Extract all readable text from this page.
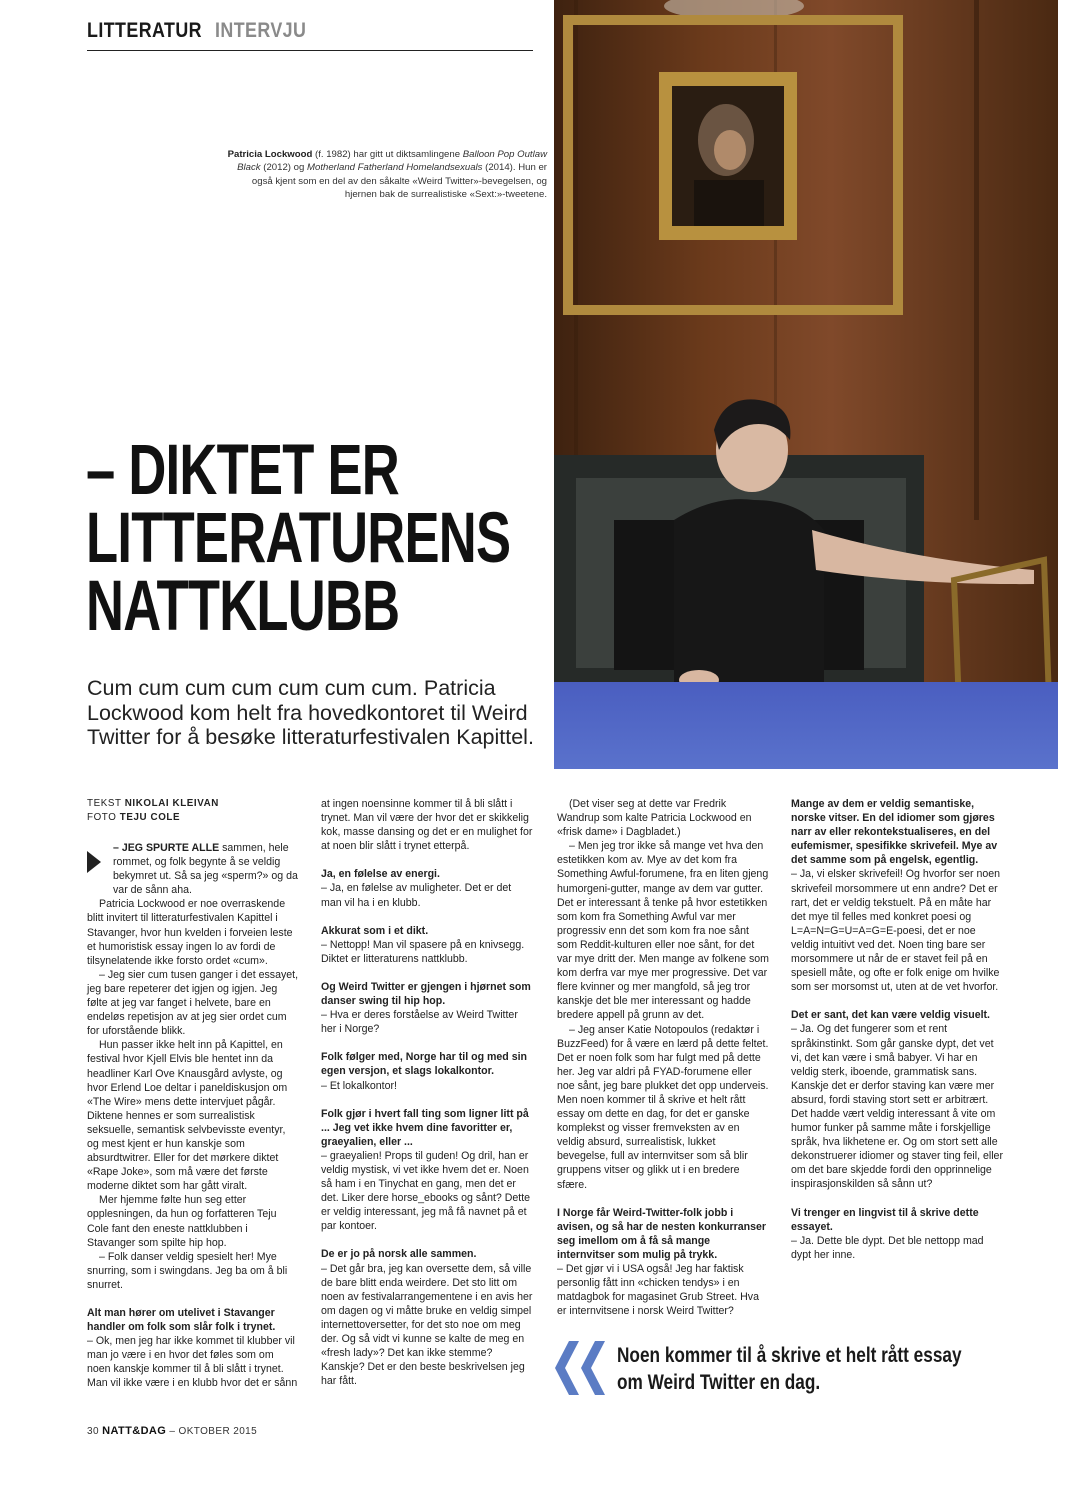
LITTERATUR INTERVJU
Patricia Lockwood (f. 1982) har gitt ut diktsamlingene Balloon Pop Outlaw Black (2012) og Motherland Fatherland Homelandsexuals (2014). Hun er også kjent som en del av den såkalte «Weird Twitter»-bevegelsen, og hjernen bak de surrealistiske «Sext:»-tweetene.
– DIKTET ER
LITTERATURENS
NATTKLUBB
Cum cum cum cum cum cum cum. Patricia Lockwood kom helt fra hovedkontoret til Weird Twitter for å besøke litteraturfestivalen Kapittel.
TEKST NIKOLAI KLEIVAN
FOTO TEJU COLE

– JEG SPURTE ALLE sammen, hele rommet, og folk begynte å se veldig bekymret ut. Så sa jeg «sperm?» og da var de sånn aha.

Patricia Lockwood er noe overraskende blitt invitert til litteraturfestivalen Kapittel i Stavanger, hvor hun kvelden i forveien leste et humoristisk essay ingen lo av fordi de tilsynelatende ikke forsto ordet «cum».

– Jeg sier cum tusen ganger i det essayet, jeg bare repeterer det igjen og igjen. Jeg følte at jeg var fanget i helvete, bare en endeløs repetisjon av at jeg sier ordet cum for uforstående blikk.

Hun passer ikke helt inn på Kapittel, en festival hvor Kjell Elvis ble hentet inn da headliner Karl Ove Knausgård avlyste, og hvor Erlend Loe deltar i paneldiskusjon om «The Wire» mens dette intervjuet pågår. Diktene hennes er som surrealistisk seksuelle, semantisk selvbevisste eventyr, og mest kjent er hun kanskje som absurdtwitrer. Eller for det mørkere diktet «Rape Joke», som må være det første moderne diktet som har gått viralt.

Mer hjemme følte hun seg etter opplesningen, da hun og forfatteren Teju Cole fant den eneste nattklubben i Stavanger som spilte hip hop.

– Folk danser veldig spesielt her! Mye snurring, som i swingdans. Jeg ba om å bli snurret.

Alt man hører om utelivet i Stavanger handler om folk som slår folk i trynet.

– Ok, men jeg har ikke kommet til klubber vil man jo være i en hvor det føles som om noen kanskje kommer til å bli slått i trynet. Man vil ikke være i en klubb hvor det er sånn

at ingen noensinne kommer til å bli slått i trynet. Man vil være der hvor det er skikkelig kok, masse dansing og det er en mulighet for at noen blir slått i trynet etterpå.

Ja, en følelse av energi.

– Ja, en følelse av muligheter. Det er det man vil ha i en klubb.

Akkurat som i et dikt.

– Nettopp! Man vil spasere på en knivsegg. Diktet er litteraturens nattklubb.

Og Weird Twitter er gjengen i hjørnet som danser swing til hip hop.

– Hva er deres forståelse av Weird Twitter her i Norge?

Folk følger med, Norge har til og med sin egen versjon, et slags lokalkontor.

– Et lokalkontor!

Folk gjør i hvert fall ting som ligner litt på ... Jeg vet ikke hvem dine favoritter er, graeyalien, eller ...

– graeyalien! Props til guden! Og dril, han er veldig mystisk, vi vet ikke hvem det er. Noen så ham i en Tinychat en gang, men det er det. Liker dere horse_ebooks og sånt? Dette er veldig interessant, jeg må få navnet på et par kontoer.

De er jo på norsk alle sammen.

– Det går bra, jeg kan oversette dem, så ville de bare blitt enda weirdere. Det sto litt om noen av festivalarrangementene i en avis her om dagen og vi måtte bruke en veldig simpel internettoversetter, for det sto noe om meg der. Og så vidt vi kunne se kalte de meg en «fresh lady»? Det kan ikke stemme? Kanskje? Det er den beste beskrivelsen jeg har fått.

(Det viser seg at dette var Fredrik Wandrup som kalte Patricia Lockwood en «frisk dame» i Dagbladet.)

– Men jeg tror ikke så mange vet hva den estetikken kom av. Mye av det kom fra Something Awful-forumene, fra en liten gjeng humorgeni-gutter, mange av dem var gutter. Det er interessant å tenke på hvor estetikken som kom fra Something Awful var mer progressiv enn det som kom fra noe sånt som Reddit-kulturen eller noe sånt, for det var mye dritt der. Men mange av folkene som kom derfra var mye mer progressive. Det var flere kvinner og mer mangfold, så jeg tror kanskje det ble mer interessant og hadde bredere appell på grunn av det.

– Jeg anser Katie Notopoulos (redaktør i BuzzFeed) for å være en lærd på dette feltet. Det er noen folk som har fulgt med på dette her. Jeg var aldri på FYAD-forumene eller noe sånt, jeg bare plukket det opp underveis. Men noen kommer til å skrive et helt rått essay om dette en dag, for det er ganske komplekst og visser fremveksten av en veldig absurd, surrealistisk, lukket bevegelse, full av internvitser som så blir gruppens vitser og glikk ut i en bredere sfære.

I Norge får Weird-Twitter-folk jobb i avisen, og så har de nesten konkurranser seg imellom om å få så mange internvitser som mulig på trykk.

– Det gjør vi i USA også! Jeg har faktisk personlig fått inn «chicken tendys» i en matdagbok for magasinet Grub Street. Hva er internvitsene i norsk Weird Twitter?

Mange av dem er veldig semantiske, norske vitser. En del idiomer som gjøres narr av eller rekontekstualiseres, en del eufemismer, spesifikke skrivefeil. Mye av det samme som på engelsk, egentlig.

– Ja, vi elsker skrivefeil! Og hvorfor ser noen skrivefeil morsommere ut enn andre? Det er rart, det er veldig tekstuelt. På en måte har det mye til felles med konkret poesi og L=A=N=G=U=A=G=E-poesi, det er noe veldig intuitivt ved det. Noen ting bare ser morsommere ut når de er stavet feil på en spesiell måte, og ofte er folk enige om hvilke som ser morsomst ut, uten at de vet hvorfor.

Det er sant, det kan være veldig visuelt.

– Ja. Og det fungerer som et rent språkinstinkt. Som går ganske dypt, det vet vi, det kan være i små babyer. Vi har en veldig sterk, iboende, grammatisk sans. Kanskje det er derfor staving kan være mer absurd, fordi staving stort sett er arbitrært. Det hadde vært veldig interessant å vite om humor funker på samme måte i forskjellige språk, hva likhetene er. Og om stort sett alle dekonstruerer idiomer og staver ting feil, eller om det bare skjedde fordi den opprinnelige inspirasjonskilden så sånn ut?

Vi trenger en lingvist til å skrive dette essayet.

– Ja. Dette ble dypt. Det ble nettopp mad dypt her inne.

Noen kommer til å skrive et helt rått essay
om Weird Twitter en dag.
30 NATT&DAG – OKTOBER 2015
